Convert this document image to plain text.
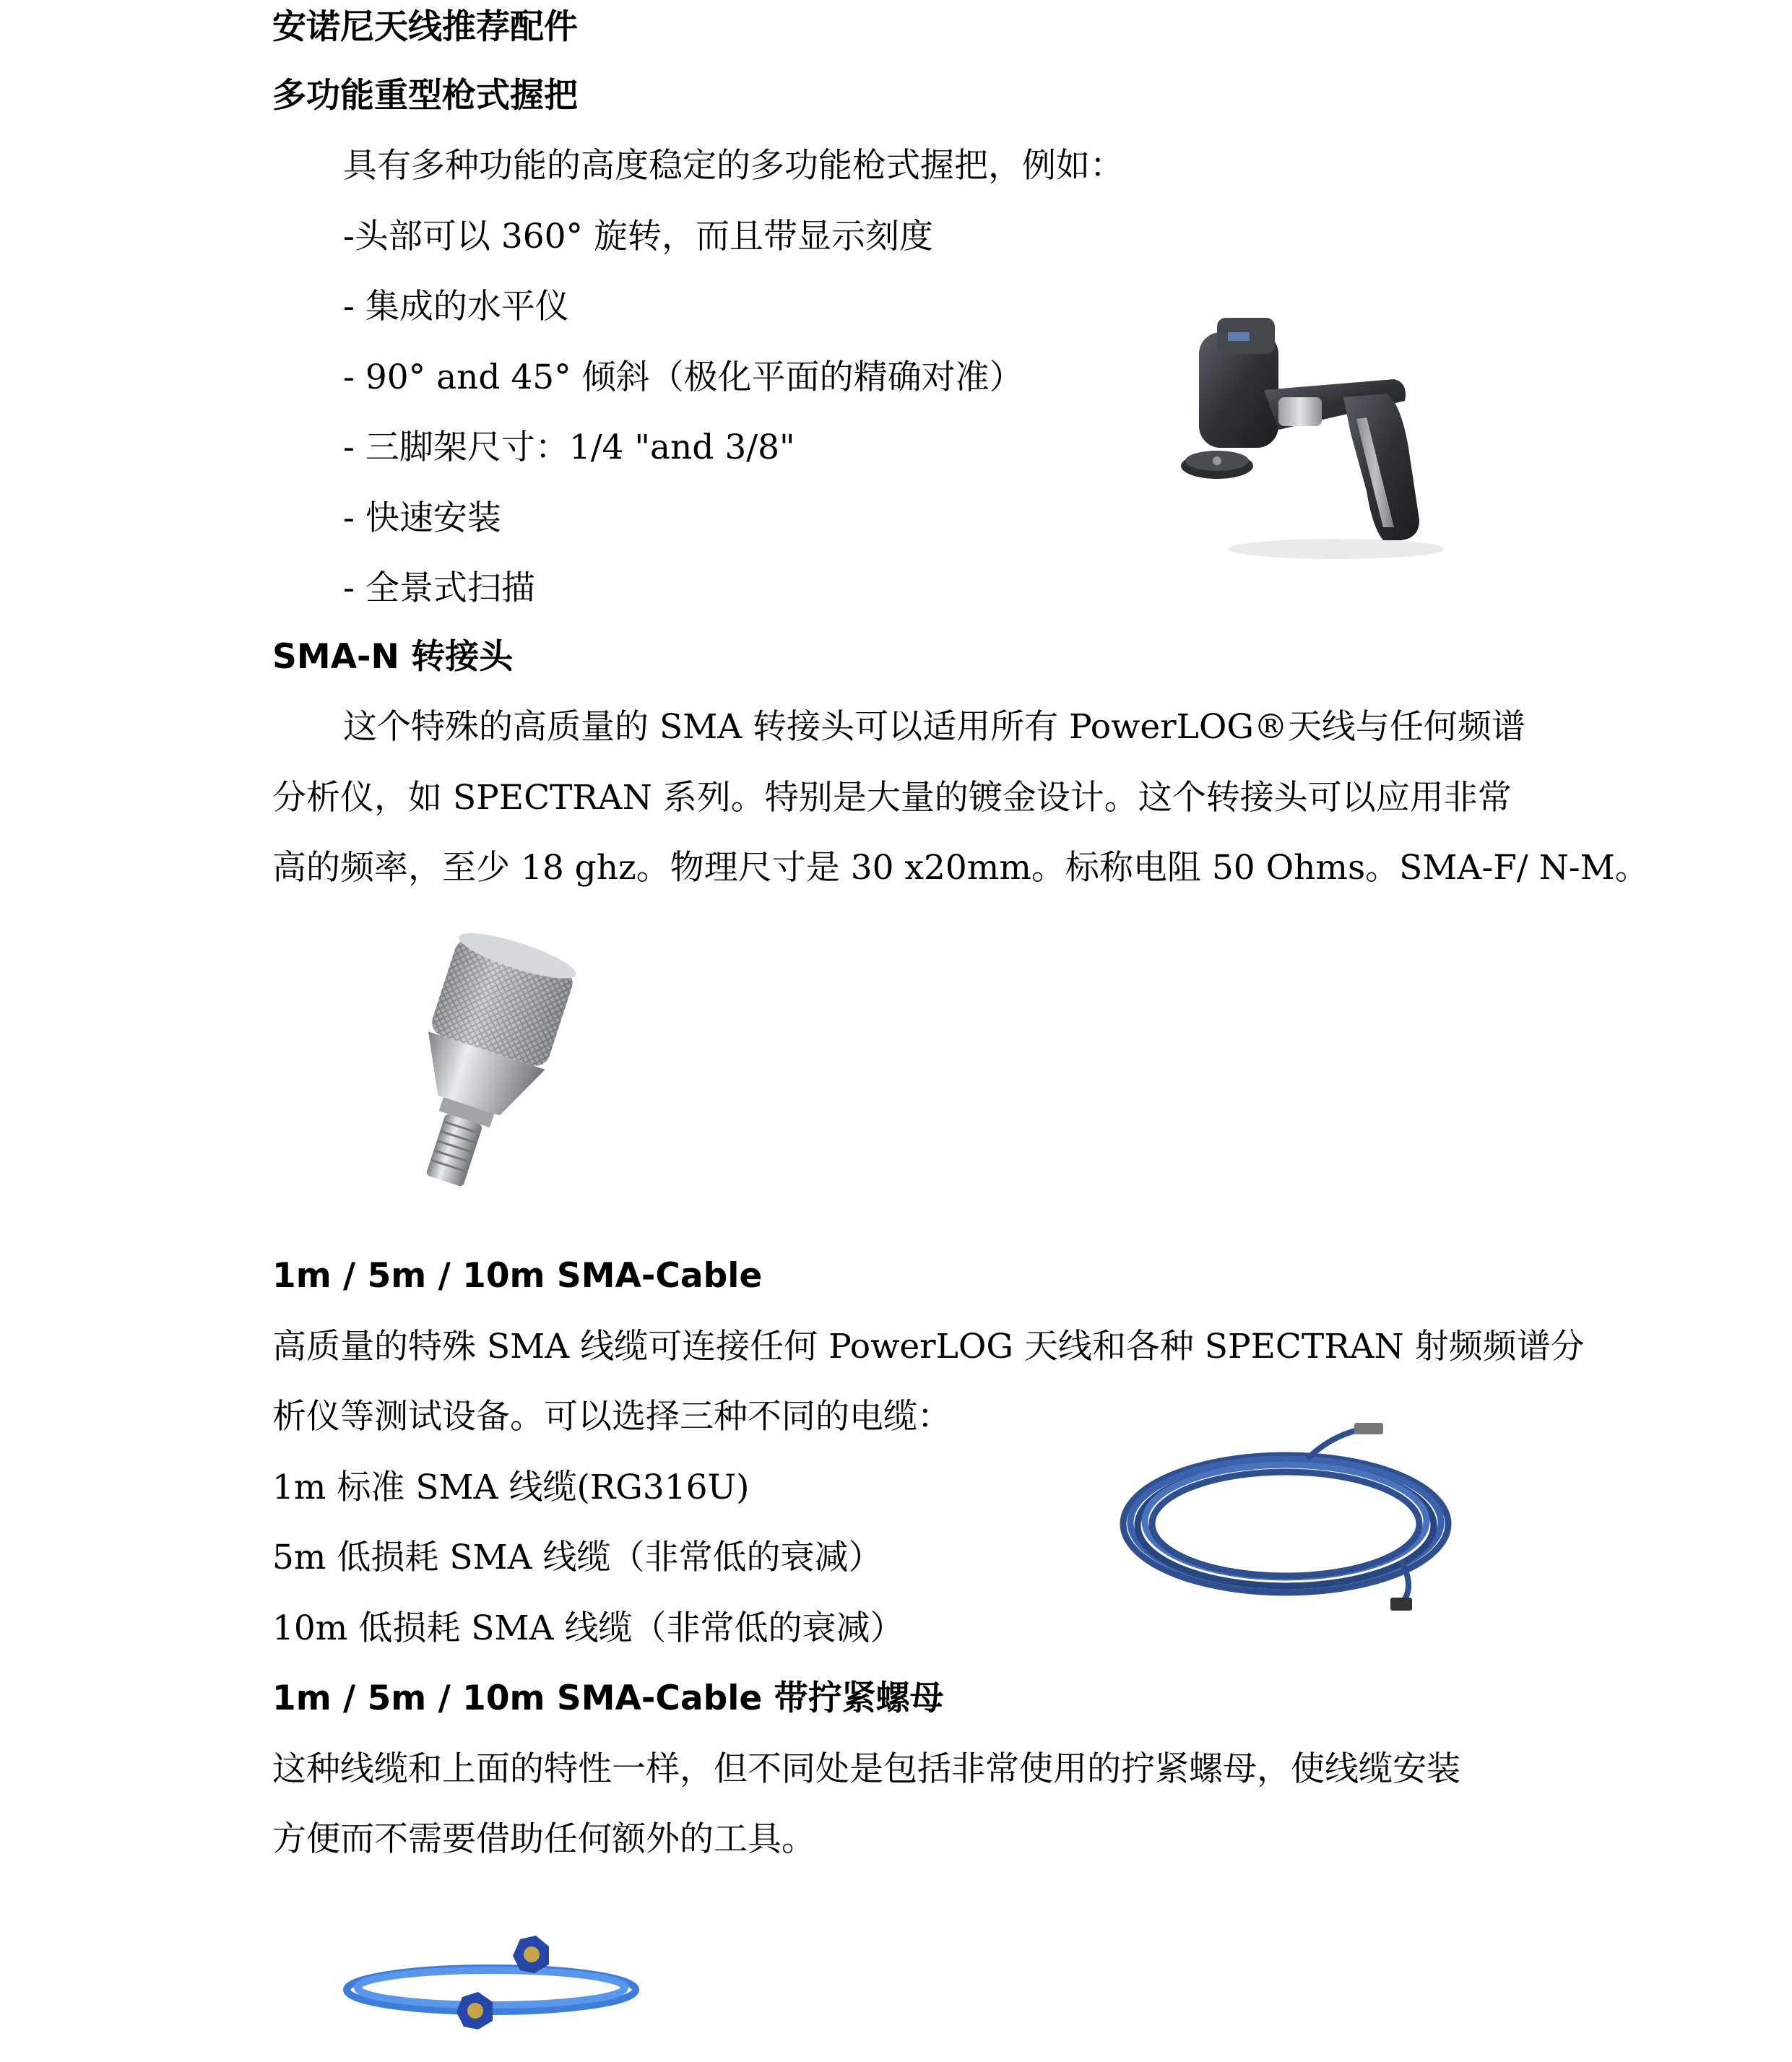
安诺尼天线推荐配件
多功能重型枪式握把
具有多种功能的高度稳定的多功能枪式握把，例如：
-头部可以 360° 旋转，而且带显示刻度
- 集成的水平仪
- 90° and 45° 倾斜（极化平面的精确对准）
- 三脚架尺寸：1/4 "and 3/8"
- 快速安装
- 全景式扫描
SMA-N 转接头
这个特殊的高质量的 SMA 转接头可以适用所有 PowerLOG®天线与任何频谱
分析仪，如 SPECTRAN 系列。特别是大量的镀金设计。这个转接头可以应用非常
高的频率，至少 18 ghz。物理尺寸是 30 x20mm。标称电阻 50 Ohms。SMA-F/ N-M。
1m / 5m / 10m SMA-Cable
高质量的特殊 SMA 线缆可连接任何 PowerLOG 天线和各种 SPECTRAN 射频频谱分
析仪等测试设备。可以选择三种不同的电缆：
1m 标准 SMA 线缆(RG316U)
5m 低损耗 SMA 线缆（非常低的衰减）
10m 低损耗 SMA 线缆（非常低的衰减）
1m / 5m / 10m SMA-Cable 带拧紧螺母
这种线缆和上面的特性一样，但不同处是包括非常使用的拧紧螺母，使线缆安装
方便而不需要借助任何额外的工具。
